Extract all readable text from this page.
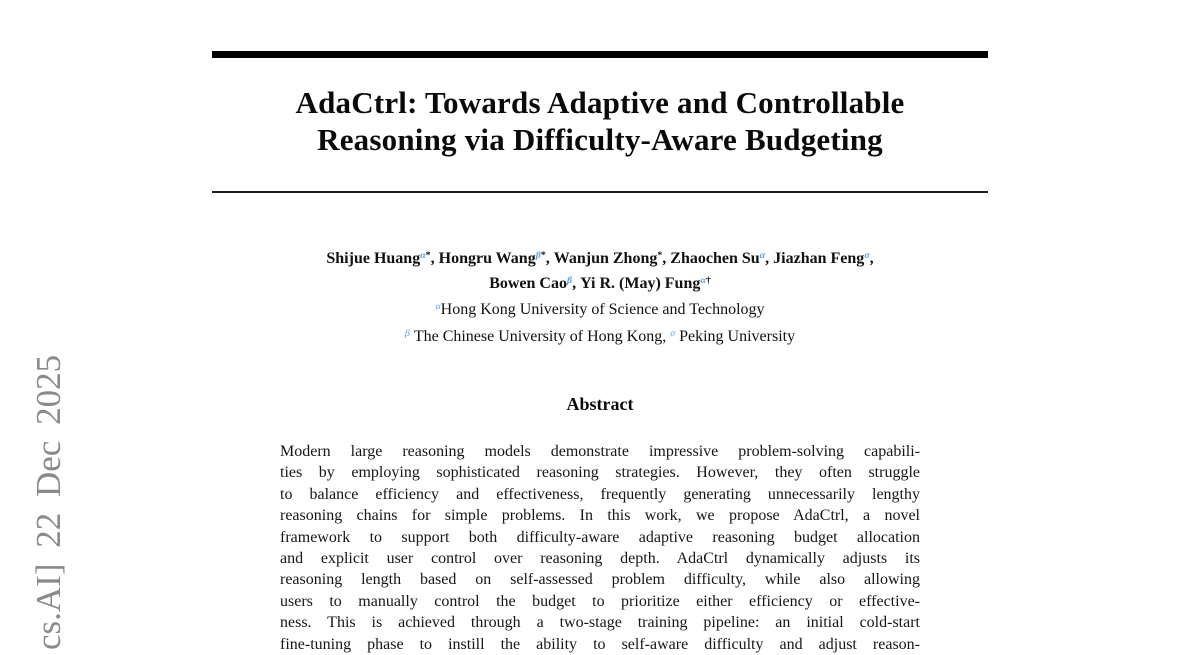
cs.AI] 22 Dec 2025
AdaCtrl: Towards Adaptive and Controllable
Reasoning via Difficulty-Aware Budgeting
Shijue Huang$^{\alpha*}$, Hongru Wang$^{\beta*}$, Wanjun Zhong*, Zhaochen $Su^\alpha$, Jiazhan Feng$^\sigma$,
Bowen Cao$^\beta$, Yi R. (May) Fung$^{\alpha\dagger}$
$^\alpha$Hong Kong University of Science and Technology
$^\beta$ The Chinese University of Hong Kong, $^\sigma$ Peking University
Abstract
Modern large reasoning models demonstrate impressive problem-solving capabili-
ties by employing sophisticated reasoning strategies. However, they often struggle
to balance efficiency and effectiveness, frequently generating unnecessarily lengthy
reasoning chains for simple problems. In this work, we propose AdaCtrl, a novel
framework to support both difficulty-aware adaptive reasoning budget allocation
and explicit user control over reasoning depth. AdaCtrl dynamically adjusts its
reasoning length based on self-assessed problem difficulty, while also allowing
users to manually control the budget to prioritize either efficiency or effective-
ness. This is achieved through a two-stage training pipeline: an initial cold-start
fine-tuning phase to instill the ability to self-aware difficulty and adjust reason-
